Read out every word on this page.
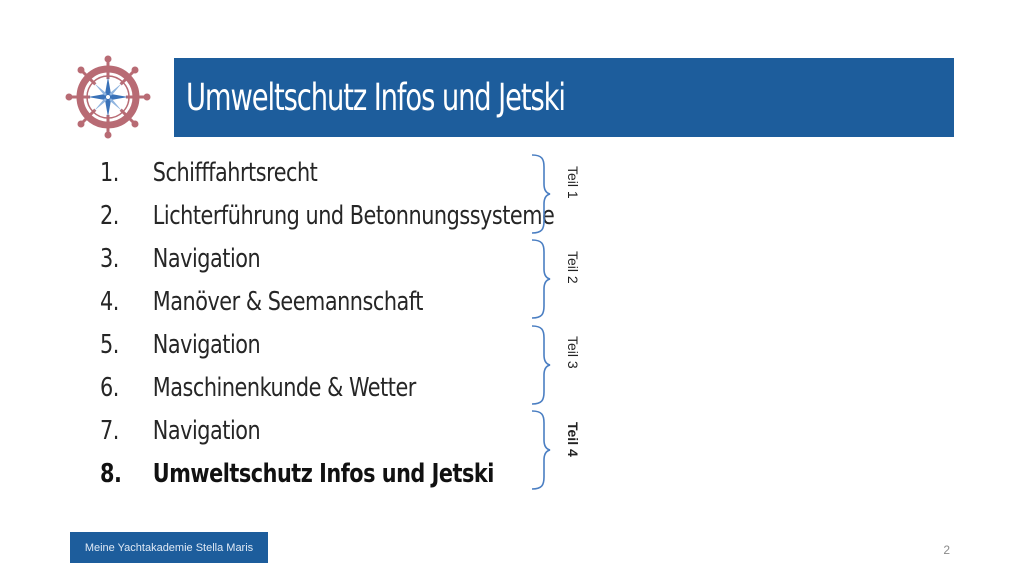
Umweltschutz Infos und Jetski
1. Schifffahrtsrecht
2. Lichterführung und Betonnungssysteme
3. Navigation
4. Manöver & Seemannschaft
5. Navigation
6. Maschinenkunde & Wetter
7. Navigation
8. Umweltschutz Infos und Jetski
Teil 1
Teil 2
Teil 3
Teil 4
Meine Yachtakademie Stella Maris	2
